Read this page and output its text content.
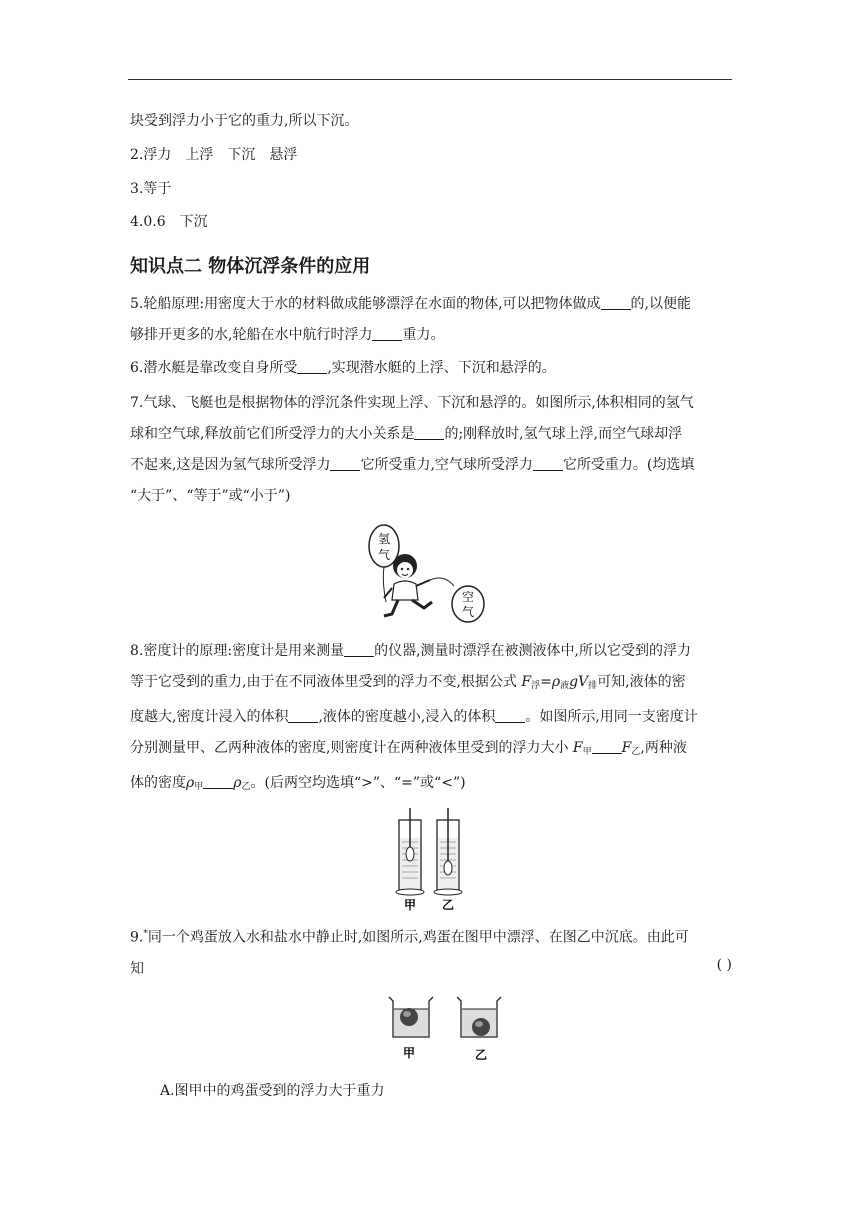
块受到浮力小于它的重力,所以下沉。

2.浮力 上浮 下沉 悬浮

3.等于

4.0.6 下沉

知识点二 物体沉浮条件的应用

5.轮船原理:用密度大于水的材料做成能够漂浮在水面的物体,可以把物体做成 的,以便能
够排开更多的水,轮船在水中航行时浮力 重力。

6.潜水艇是靠改变自身所受 ,实现潜水艇的上浮、下沉和悬浮的。

7.气球、飞艇也是根据物体的浮沉条件实现上浮、下沉和悬浮的。如图所示,体积相同的氢气
球和空气球,释放前它们所受浮力的大小关系是 的;刚释放时,氢气球上浮,而空气球却浮
不起来,这是因为氢气球所受浮力 它所受重力,空气球所受浮力 它所受重力。(均选填
“大于”、“等于”或“小于”)

氢
气
空
气

8.密度计的原理:密度计是用来测量 的仪器,测量时漂浮在被测液体中,所以它受到的浮力
等于它受到的重力,由于在不同液体里受到的浮力不变,根据公式 $F_浮=\rho_液gV_排$可知,液体的密
度越大,密度计浸入的体积 ,液体的密度越小,浸入的体积 。如图所示,用同一支密度计
分别测量甲、乙两种液体的密度,则密度计在两种液体里受到的浮力大小 $F_甲$ $F_乙$,两种液
体的密度$\rho_甲$ $\rho_乙$。(后两空均选填“>”、“=”或“<”)

甲 乙

9.*同一个鸡蛋放入水和盐水中静止时,如图所示,鸡蛋在图甲中漂浮、在图乙中沉底。由此可
知	( )
甲	乙

A.图甲中的鸡蛋受到的浮力大于重力
